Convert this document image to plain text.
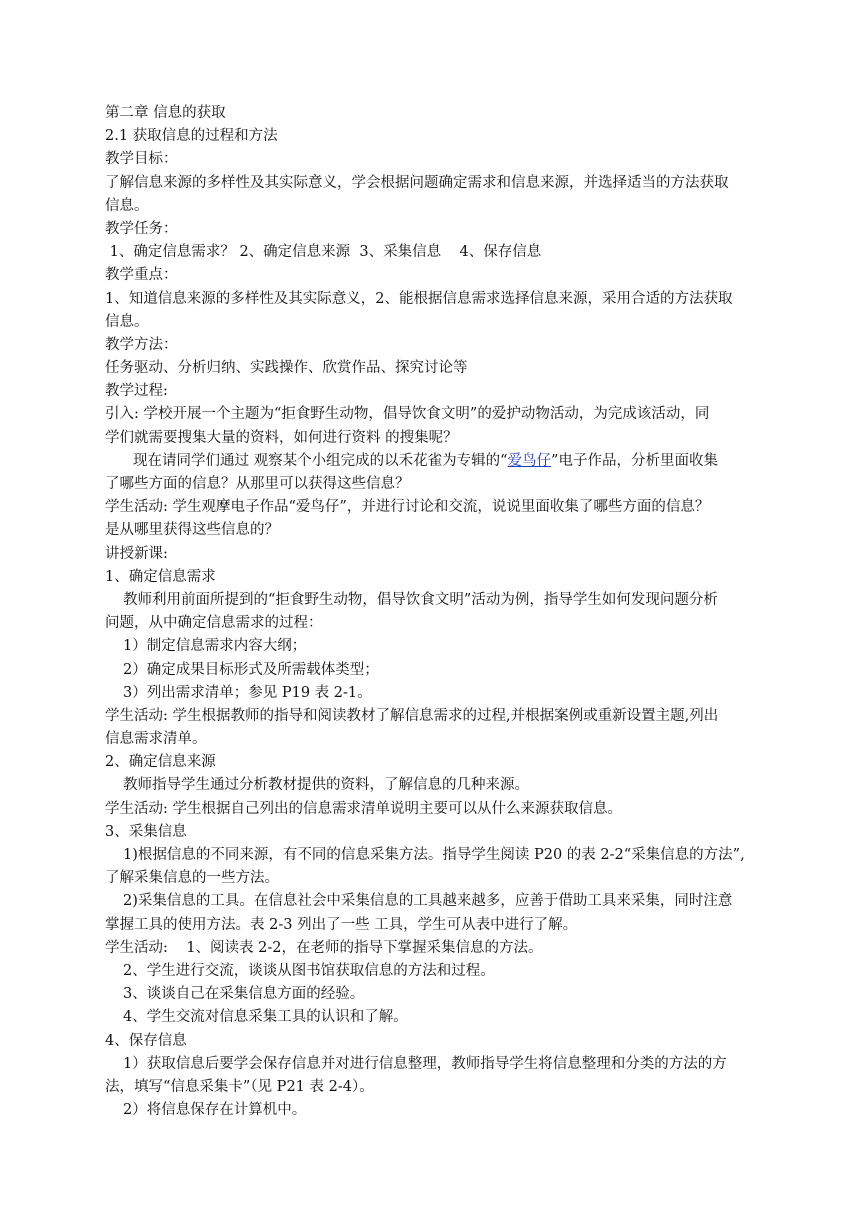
第二章 信息的获取
2.1 获取信息的过程和方法
教学目标：
了解信息来源的多样性及其实际意义，学会根据问题确定需求和信息来源，并选择适当的方法获取
信息。
教学任务：
1、确定信息需求？ 2、确定信息来源  3、采集信息    4、保存信息
教学重点：
1、知道信息来源的多样性及其实际意义，2、能根据信息需求选择信息来源，采用合适的方法获取
信息。
教学方法：
任务驱动、分析归纳、实践操作、欣赏作品、探究讨论等
教学过程:
引入: 学校开展一个主题为“拒食野生动物，倡导饮食文明”的爱护动物活动，为完成该活动，同
学们就需要搜集大量的资料，如何进行资料 的搜集呢？
现在请同学们通过 观察某个小组完成的以禾花雀为专辑的“爱鸟仔”电子作品，分析里面收集
了哪些方面的信息？从那里可以获得这些信息？
学生活动: 学生观摩电子作品“爱鸟仔”，并进行讨论和交流，说说里面收集了哪些方面的信息？
是从哪里获得这些信息的？
讲授新课:
1、确定信息需求
教师利用前面所提到的“拒食野生动物，倡导饮食文明”活动为例，指导学生如何发现问题分析
问题，从中确定信息需求的过程：
1）制定信息需求内容大纲；
2）确定成果目标形式及所需载体类型；
3）列出需求清单；参见 P19 表 2-1。
学生活动: 学生根据教师的指导和阅读教材了解信息需求的过程,并根据案例或重新设置主题,列出
信息需求清单。
2、确定信息来源
教师指导学生通过分析教材提供的资料，了解信息的几种来源。
学生活动: 学生根据自己列出的信息需求清单说明主要可以从什么来源获取信息。
3、采集信息
1)根据信息的不同来源，有不同的信息采集方法。指导学生阅读 P20 的表 2-2“采集信息的方法”,
了解采集信息的一些方法。
2)采集信息的工具。在信息社会中采集信息的工具越来越多，应善于借助工具来采集，同时注意
掌握工具的使用方法。表 2-3 列出了一些 工具，学生可从表中进行了解。
学生活动:    1、阅读表 2-2，在老师的指导下掌握采集信息的方法。
2、学生进行交流，谈谈从图书馆获取信息的方法和过程。
3、谈谈自己在采集信息方面的经验。
4、学生交流对信息采集工具的认识和了解。
4、保存信息
1）获取信息后要学会保存信息并对进行信息整理，教师指导学生将信息整理和分类的方法的方
法，填写“信息采集卡”（见 P21 表 2-4）。
2）将信息保存在计算机中。
